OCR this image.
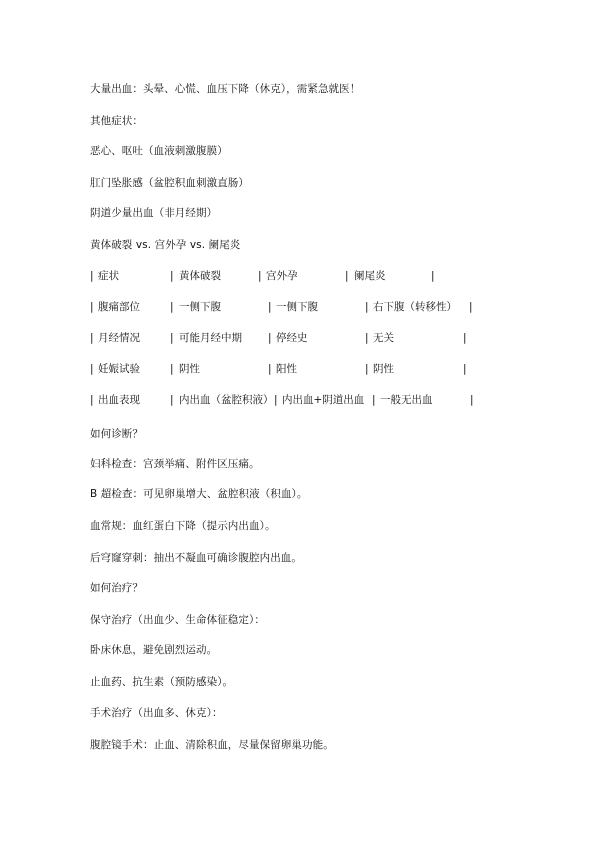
大量出血：头晕、心慌、血压下降（休克），需紧急就医！
其他症状：
恶心、呕吐（血液刺激腹膜）
肛门坠胀感（盆腔积血刺激直肠）
阴道少量出血（非月经期）
黄体破裂 vs. 宫外孕 vs. 阑尾炎
| 症状	| 黄体破裂	| 宫外孕	| 阑尾炎	|
| 腹痛部位	| 一侧下腹	| 一侧下腹	| 右下腹（转移性） |
| 月经情况	| 可能月经中期 | 停经史	| 无关	|
| 妊娠试验	| 阴性	| 阳性	| 阴性	|
| 出血表现	| 内出血（盆腔积液） | 内出血+阴道出血 | 一般无出血	|
如何诊断？
妇科检查：宫颈举痛、附件区压痛。
B 超检查：可见卵巢增大、盆腔积液（积血）。
血常规：血红蛋白下降（提示内出血）。
后穹窿穿刺：抽出不凝血可确诊腹腔内出血。
如何治疗？
保守治疗（出血少、生命体征稳定）：
卧床休息，避免剧烈运动。
止血药、抗生素（预防感染）。
手术治疗（出血多、休克）：
腹腔镜手术：止血、清除积血，尽量保留卵巢功能。
